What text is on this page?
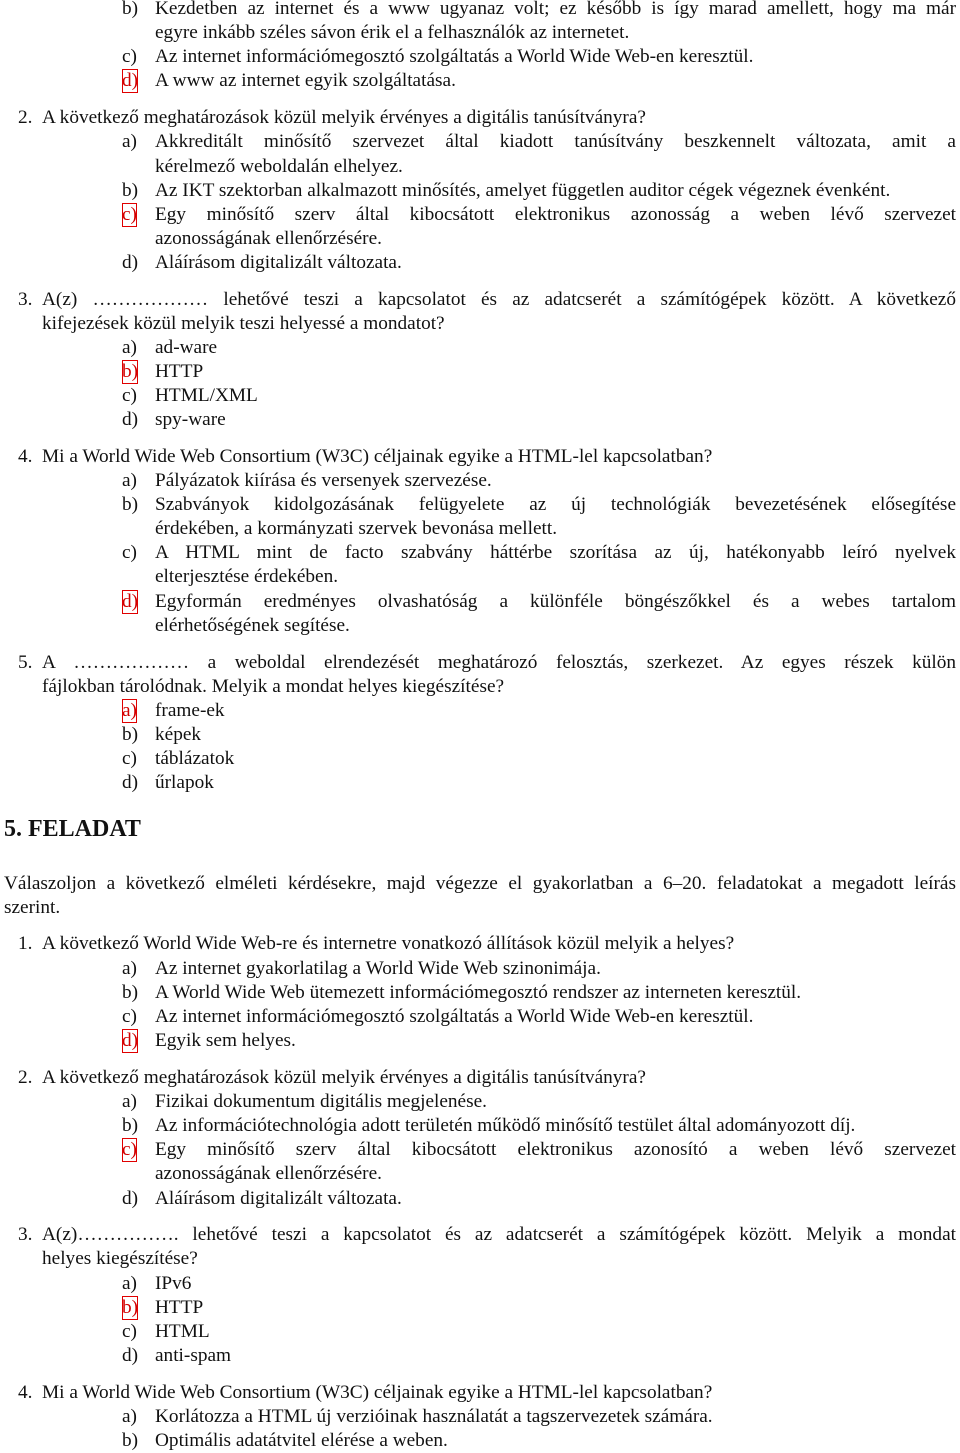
b) Kezdetben az internet és a www ugyanaz volt; ez később is így marad amellett, hogy ma már
egyre inkább széles sávon érik el a felhasználók az internetet.
c) Az internet információmegosztó szolgáltatás a World Wide Web-en keresztül.
d) A www az internet egyik szolgáltatása.
2. A következő meghatározások közül melyik érvényes a digitális tanúsítványra?
a) Akkreditált minősítő szervezet által kiadott tanúsítvány beszkennelt változata, amit a
kérelmező weboldalán elhelyez.
b) Az IKT szektorban alkalmazott minősítés, amelyet független auditor cégek végeznek évenként.
c) Egy minősítő szerv által kibocsátott elektronikus azonosság a weben lévő szervezet
azonosságának ellenőrzésére.
d) Aláírásom digitalizált változata.
3. A(z) ……………… lehetővé teszi a kapcsolatot és az adatcserét a számítógépek között. A következő
kifejezések közül melyik teszi helyessé a mondatot?
a) ad-ware
b) HTTP
c) HTML/XML
d) spy-ware
4. Mi a World Wide Web Consortium (W3C) céljainak egyike a HTML-lel kapcsolatban?
a) Pályázatok kiírása és versenyek szervezése.
b) Szabványok kidolgozásának felügyelete az új technológiák bevezetésének elősegítése
érdekében, a kormányzati szervek bevonása mellett.
c) A HTML mint de facto szabvány háttérbe szorítása az új, hatékonyabb leíró nyelvek
elterjesztése érdekében.
d) Egyformán eredményes olvashatóság a különféle böngészőkkel és a webes tartalom
elérhetőségének segítése.
5. A ……………… a weboldal elrendezését meghatározó felosztás, szerkezet. Az egyes részek külön
fájlokban tárolódnak. Melyik a mondat helyes kiegészítése?
a) frame-ek
b) képek
c) táblázatok
d) űrlapok
5. FELADAT
Válaszoljon a következő elméleti kérdésekre, majd végezze el gyakorlatban a 6–20. feladatokat a megadott leírás
szerint.
1. A következő World Wide Web-re és internetre vonatkozó állítások közül melyik a helyes?
a) Az internet gyakorlatilag a World Wide Web szinonimája.
b) A World Wide Web ütemezett információmegosztó rendszer az interneten keresztül.
c) Az internet információmegosztó szolgáltatás a World Wide Web-en keresztül.
d) Egyik sem helyes.
2. A következő meghatározások közül melyik érvényes a digitális tanúsítványra?
a) Fizikai dokumentum digitális megjelenése.
b) Az információtechnológia adott területén működő minősítő testület által adományozott díj.
c) Egy minősítő szerv által kibocsátott elektronikus azonosító a weben lévő szervezet
azonosságának ellenőrzésére.
d) Aláírásom digitalizált változata.
3. A(z)……………. lehetővé teszi a kapcsolatot és az adatcserét a számítógépek között. Melyik a mondat
helyes kiegészítése?
a) IPv6
b) HTTP
c) HTML
d) anti-spam
4. Mi a World Wide Web Consortium (W3C) céljainak egyike a HTML-lel kapcsolatban?
a) Korlátozza a HTML új verzióinak használatát a tagszervezetek számára.
b) Optimális adatátvitel elérése a weben.
